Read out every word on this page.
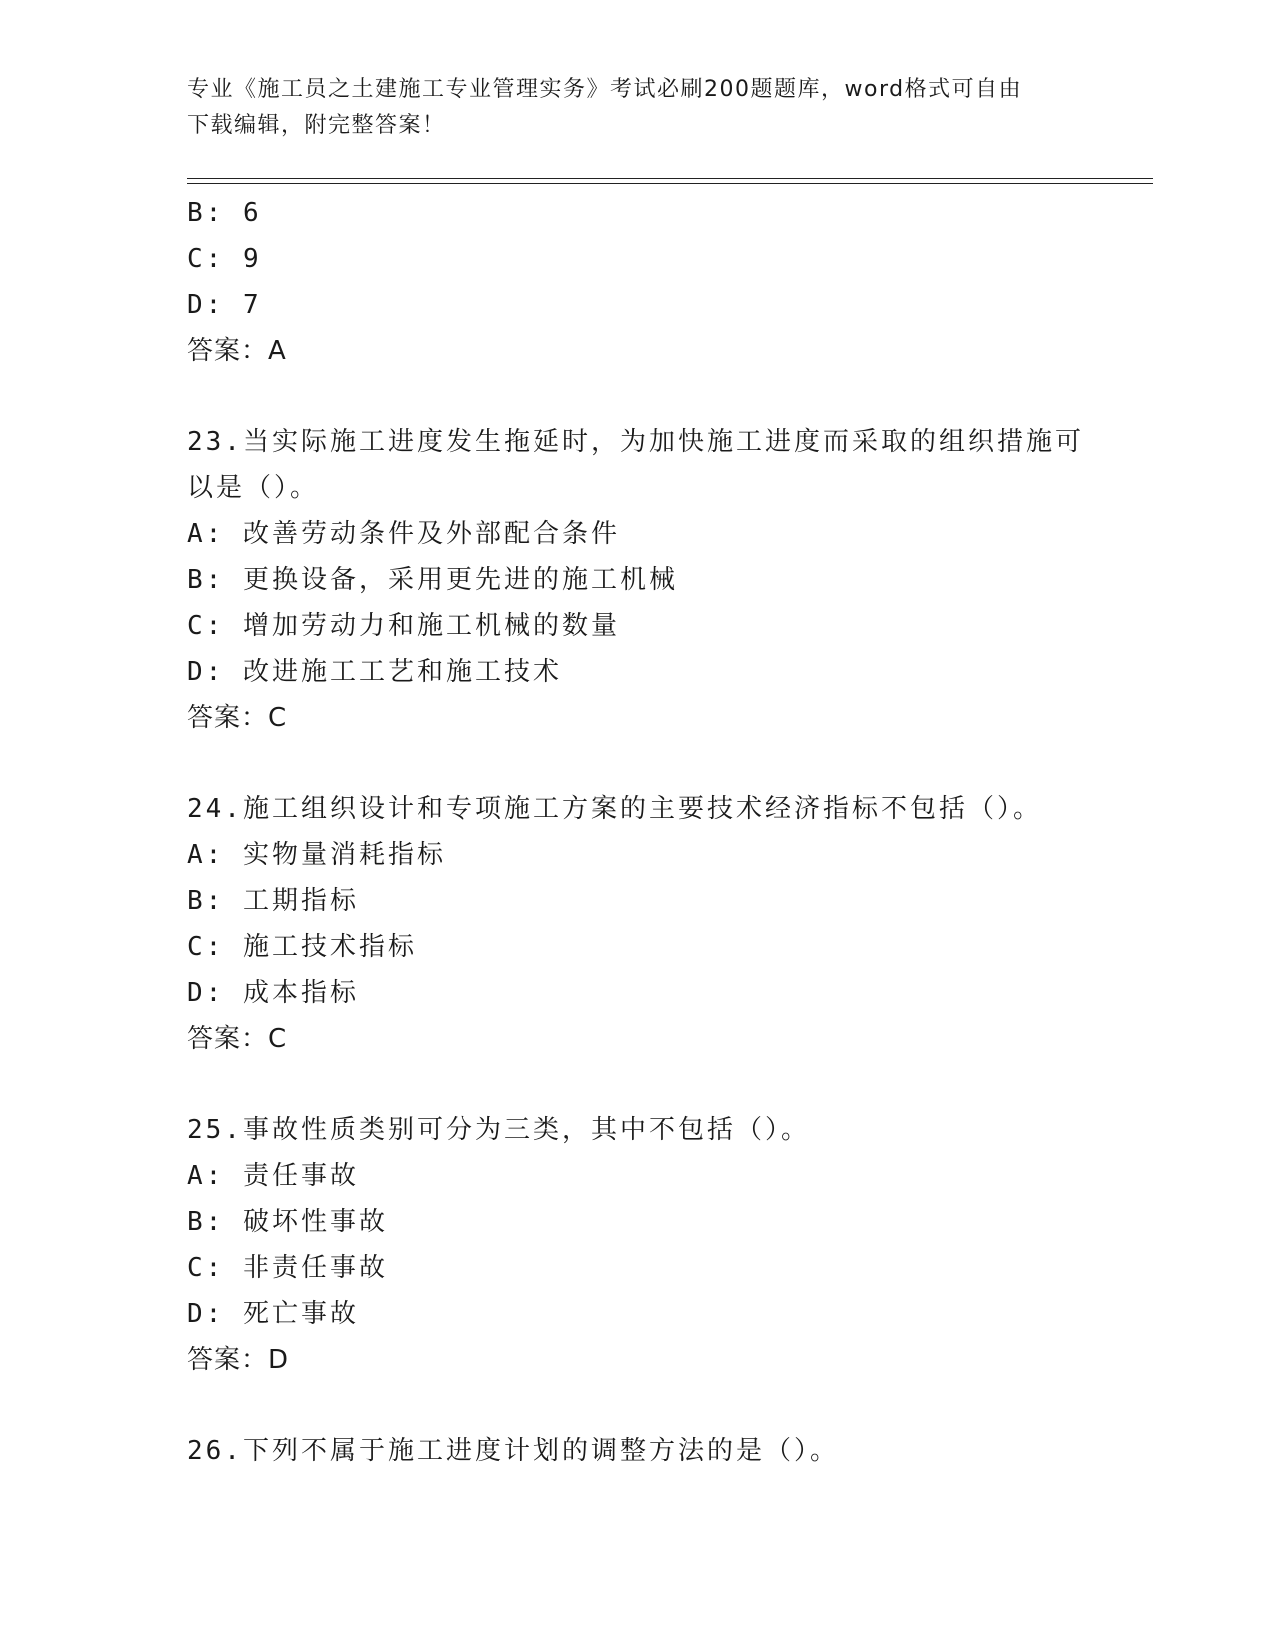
专业《施工员之土建施工专业管理实务》考试必刷200题题库，word格式可自由
下载编辑，附完整答案！
B: 6
C: 9
D: 7
答案：A
23.当实际施工进度发生拖延时，为加快施工进度而采取的组织措施可
以是（）。
A: 改善劳动条件及外部配合条件
B: 更换设备，采用更先进的施工机械
C: 增加劳动力和施工机械的数量
D: 改进施工工艺和施工技术
答案：C
24.施工组织设计和专项施工方案的主要技术经济指标不包括（）。
A: 实物量消耗指标
B: 工期指标
C: 施工技术指标
D: 成本指标
答案：C
25.事故性质类别可分为三类，其中不包括（）。
A: 责任事故
B: 破坏性事故
C: 非责任事故
D: 死亡事故
答案：D
26.下列不属于施工进度计划的调整方法的是（）。
